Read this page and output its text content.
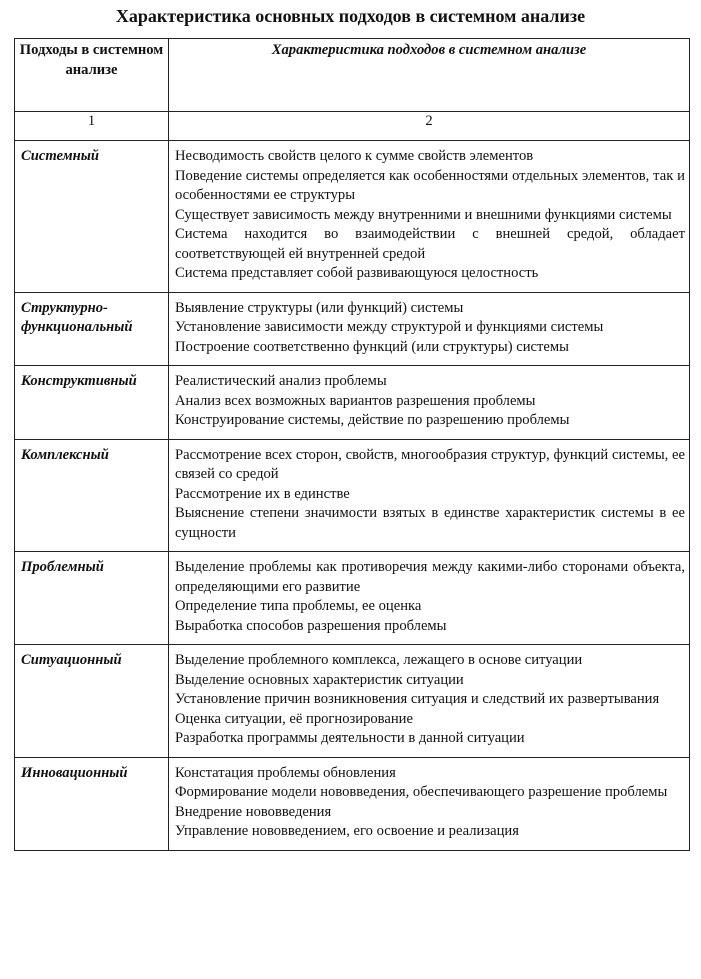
Характеристика основных подходов в системном анализе
Подходы в системном анализе	Характеристика подходов в системном анализе
1	2
Системный	Несводимость свойств целого к сумме свойств элементов
Поведение системы определяется как особенностями отдельных элементов, так и особенностями ее структуры
Существует зависимость между внутренними и внешними функциями системы
Система находится во взаимодействии с внешней средой, обладает соответствующей ей внутренней средой
Система представляет собой развивающуюся целостность

Структурно-функциональный	Выявление структуры (или функций) системы
Установление зависимости между структурой и функциями системы
Построение соответственно функций (или структуры) системы

Конструктивный	Реалистический анализ проблемы
Анализ всех возможных вариантов разрешения проблемы
Конструирование системы, действие по разрешению проблемы

Комплексный	Рассмотрение всех сторон, свойств, многообразия структур, функций системы, ее связей со средой
Рассмотрение их в единстве
Выяснение степени значимости взятых в единстве характеристик системы в ее сущности

Проблемный	Выделение проблемы как противоречия между какими-либо сторонами объекта, определяющими его развитие
Определение типа проблемы, ее оценка
Выработка способов разрешения проблемы

Ситуационный	Выделение проблемного комплекса, лежащего в основе ситуации
Выделение основных характеристик ситуации
Установление причин возникновения ситуация и следствий их развертывания
Оценка ситуации, её прогнозирование
Разработка программы деятельности в данной ситуации

Инновационный	Констатация проблемы обновления
Формирование модели нововведения, обеспечивающего разрешение проблемы
Внедрение нововведения
Управление нововведением, его освоение и реализация
